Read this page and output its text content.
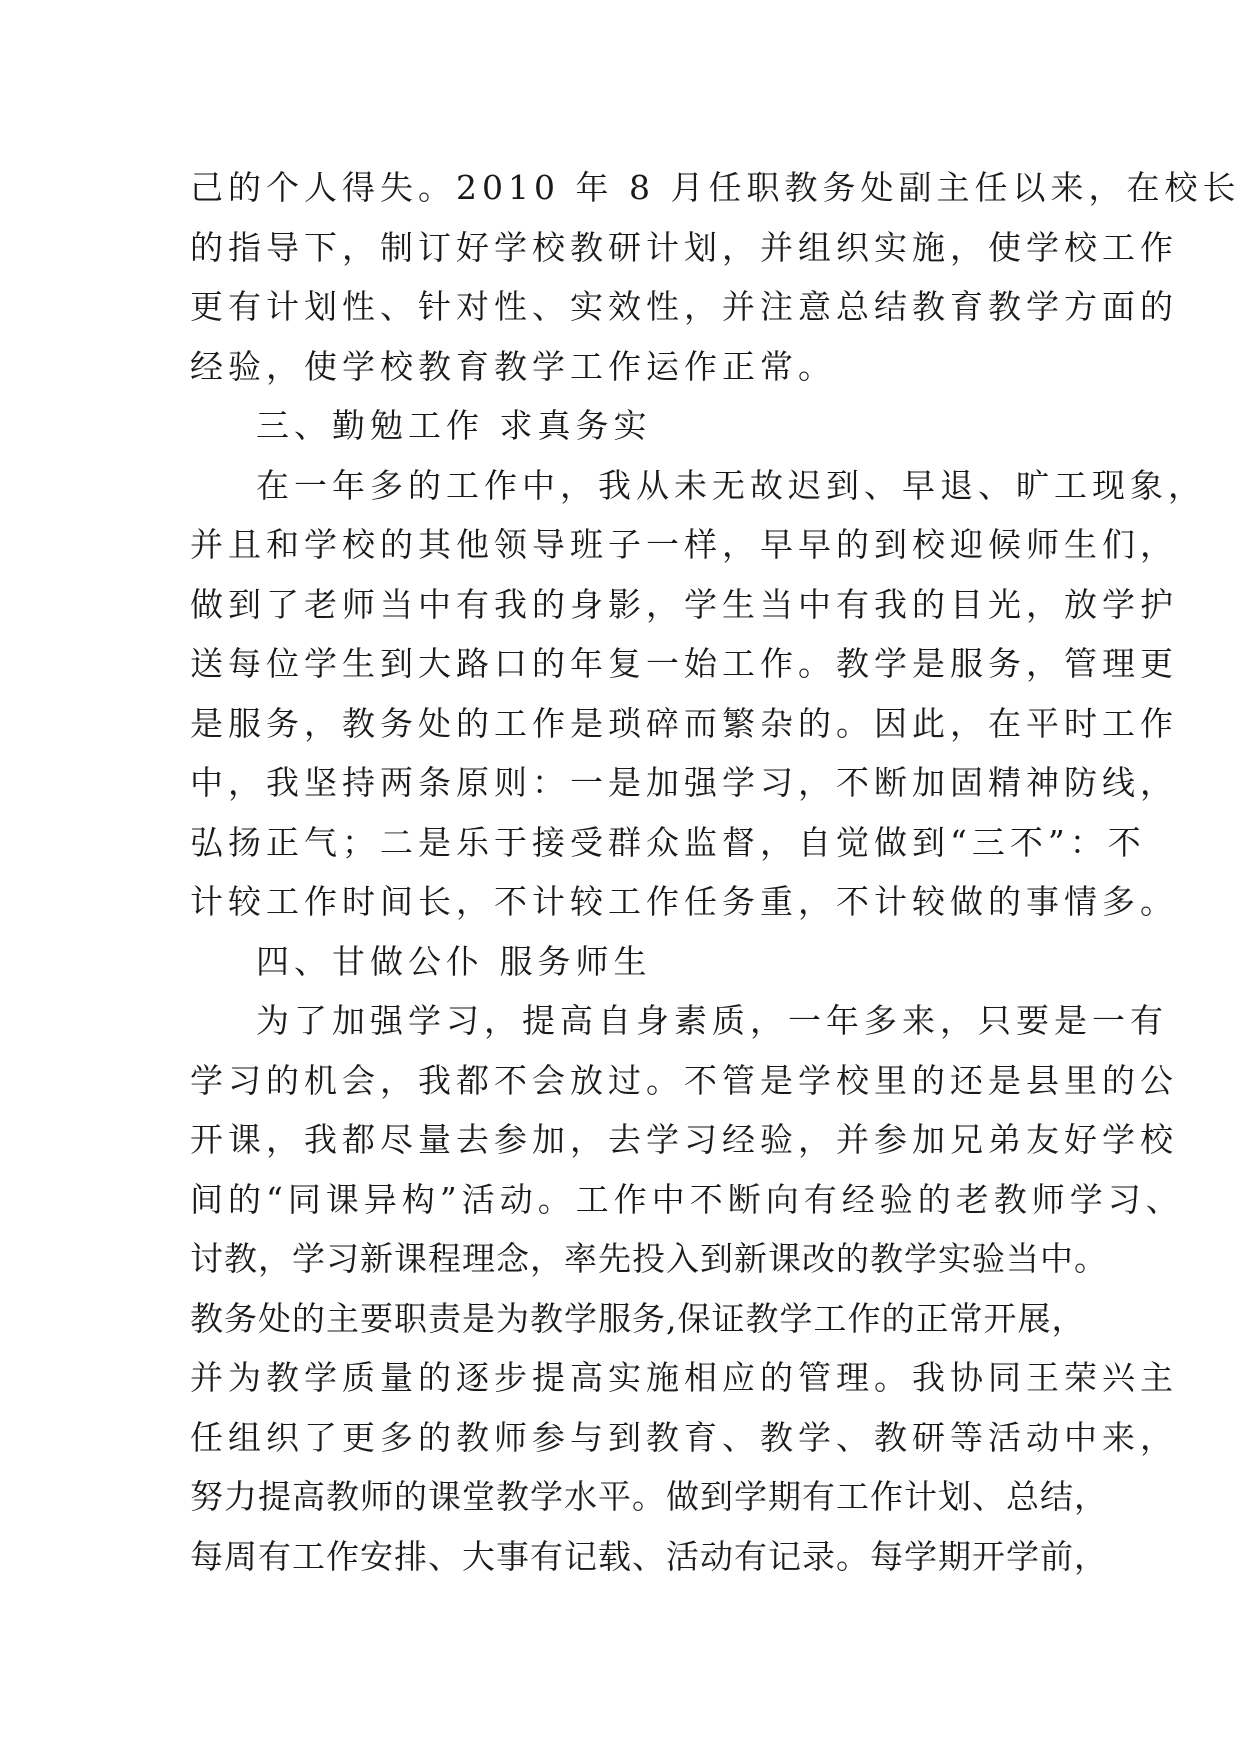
己的个人得失。2010 年 8 月任职教务处副主任以来，在校长
的指导下，制订好学校教研计划，并组织实施，使学校工作
更有计划性、针对性、实效性，并注意总结教育教学方面的
经验，使学校教育教学工作运作正常。
三、勤勉工作 求真务实
在一年多的工作中，我从未无故迟到、早退、旷工现象，
并且和学校的其他领导班子一样，早早的到校迎候师生们，
做到了老师当中有我的身影，学生当中有我的目光，放学护
送每位学生到大路口的年复一始工作。教学是服务，管理更
是服务，教务处的工作是琐碎而繁杂的。因此，在平时工作
中，我坚持两条原则：一是加强学习，不断加固精神防线，
弘扬正气；二是乐于接受群众监督，自觉做到“三不”：不
计较工作时间长，不计较工作任务重，不计较做的事情多。
四、甘做公仆 服务师生
为了加强学习，提高自身素质，一年多来，只要是一有
学习的机会，我都不会放过。不管是学校里的还是县里的公
开课，我都尽量去参加，去学习经验，并参加兄弟友好学校
间的“同课异构”活动。工作中不断向有经验的老教师学习、
讨教，学习新课程理念，率先投入到新课改的教学实验当中。
教务处的主要职责是为教学服务,保证教学工作的正常开展，
并为教学质量的逐步提高实施相应的管理。我协同王荣兴主
任组织了更多的教师参与到教育、教学、教研等活动中来，
努力提高教师的课堂教学水平。做到学期有工作计划、总结，
每周有工作安排、大事有记载、活动有记录。每学期开学前，
